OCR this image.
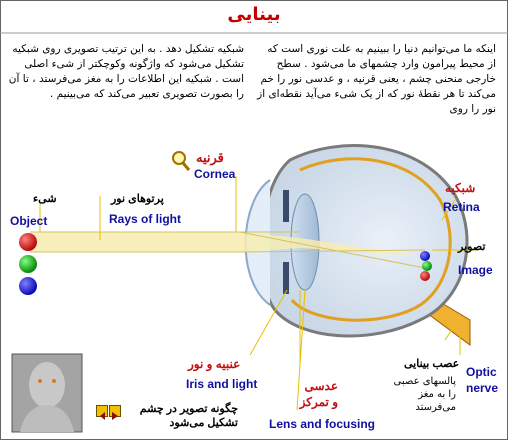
بینایی
اینکه ما می‌توانیم دنیا را ببینیم به علت نوری است که از محیط پیرامون وارد چشمهای ما می‌شود . سطح خارجی منحنی چشم ، یعنی قرنیه ، و عدسی نور را خم می‌کند تا هر نقطهٔ نور که از یک شیء می‌آید نقطه‌ای از نور را روی
شبکیه تشکیل دهد . به این ترتیب تصویری روی شبکیه تشکیل می‌شود که واژگونه وکوچکتر از شیء اصلی است . شبکیه این اطلاعات را به مغز می‌فرستد ، تا آن را بصورت تصویری تعبیر می‌کند که می‌بینیم .
قرنیه
Cornea
شیء
Object
پرتوهای نور
Rays of light
شبکیه
Retina
تصویر
Image
عنبیه و نور
Iris and light	عدسی و تمرکز
Lens and focusing
عصب بینایی
پالسهای عصبی را به مغز می‌فرستد
Optic nerve
چگونه تصویر در چشم تشکیل می‌شود
